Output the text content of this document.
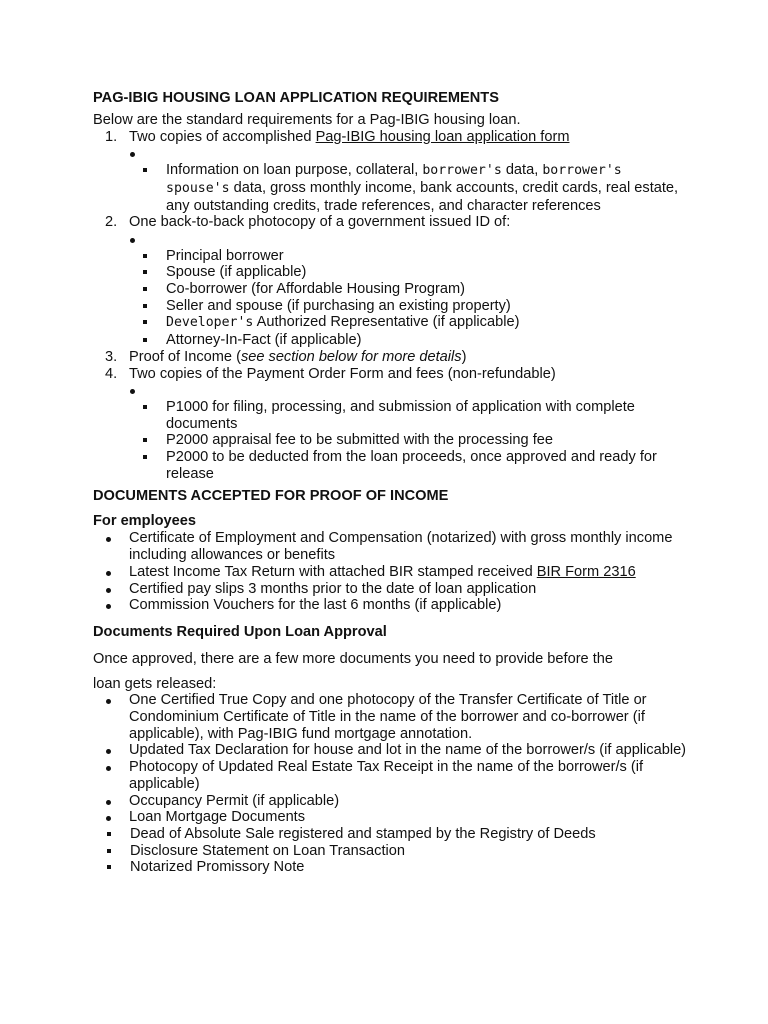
PAG-IBIG HOUSING LOAN APPLICATION REQUIREMENTS

Below are the standard requirements for a Pag-IBIG housing loan.

1. Two copies of accomplished Pag-IBIG housing loan application form
Information on loan purpose, collateral, borrower's data, borrower's
spouse's data, gross monthly income, bank accounts, credit cards, real estate, any outstanding credits, trade references, and character references
2. One back-to-back photocopy of a government issued ID of:
Principal borrower
Spouse (if applicable)
Co-borrower (for Affordable Housing Program)
Seller and spouse (if purchasing an existing property)
Developer's Authorized Representative (if applicable)
Attorney-In-Fact (if applicable)
3. Proof of Income (see section below for more details)
4. Two copies of the Payment Order Form and fees (non-refundable)
P1000 for filing, processing, and submission of application with complete documents
P2000 appraisal fee to be submitted with the processing fee
P2000 to be deducted from the loan proceeds, once approved and ready for release
DOCUMENTS ACCEPTED FOR PROOF OF INCOME
For employees
Certificate of Employment and Compensation (notarized) with gross monthly income including allowances or benefits
Latest Income Tax Return with attached BIR stamped received BIR Form 2316
Certified pay slips 3 months prior to the date of loan application
Commission Vouchers for the last 6 months (if applicable)
Documents Required Upon Loan Approval

Once approved, there are a few more documents you need to provide before the

loan gets released:

One Certified True Copy and one photocopy of the Transfer Certificate of Title or Condominium Certificate of Title in the name of the borrower and co-borrower (if applicable), with Pag-IBIG fund mortgage annotation.
Updated Tax Declaration for house and lot in the name of the borrower/s (if applicable)
Photocopy of Updated Real Estate Tax Receipt in the name of the borrower/s (if applicable)
Occupancy Permit (if applicable)
Loan Mortgage Documents
Dead of Absolute Sale registered and stamped by the Registry of Deeds
Disclosure Statement on Loan Transaction
Notarized Promissory Note
